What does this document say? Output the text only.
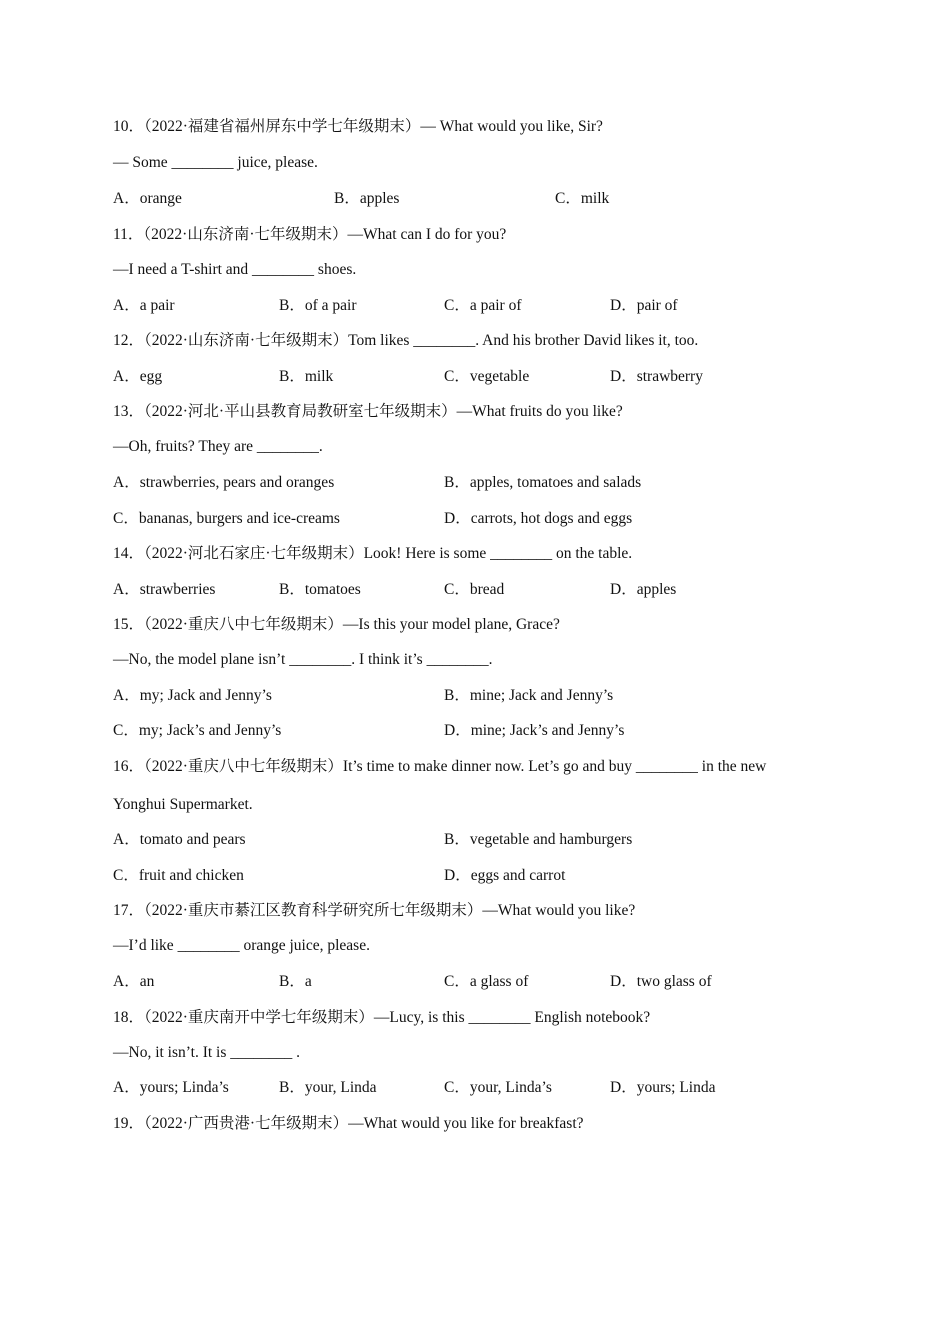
10．（2022·福建省福州屏东中学七年级期末）— What would you like, Sir?
— Some ________ juice, please.
A．orange	B．apples	C．milk
11．（2022·山东济南·七年级期末）—What can I do for you?
—I need a T-shirt and ________ shoes.
A．a pair	B．of a pair	C．a pair of	D．pair of
12．（2022·山东济南·七年级期末）Tom likes ________. And his brother David likes it, too.
A．egg	B．milk	C．vegetable	D．strawberry
13．（2022·河北·平山县教育局教研室七年级期末）—What fruits do you like?
—Oh, fruits? They are ________.
A．strawberries, pears and oranges	B．apples, tomatoes and salads
C．bananas, burgers and ice-creams	D．carrots, hot dogs and eggs
14．（2022·河北石家庄·七年级期末）Look! Here is some ________ on the table.
A．strawberries	B．tomatoes	C．bread	D．apples
15．（2022·重庆八中七年级期末）—Is this your model plane, Grace?
—No, the model plane isn’t ________. I think it’s ________.
A．my; Jack and Jenny’s	B．mine; Jack and Jenny’s
C．my; Jack’s and Jenny’s	D．mine; Jack’s and Jenny’s
16．（2022·重庆八中七年级期末）It’s time to make dinner now. Let’s go and buy ________ in the new
Yonghui Supermarket.
A．tomato and pears	B．vegetable and hamburgers
C．fruit and chicken	D．eggs and carrot
17．（2022·重庆市綦江区教育科学研究所七年级期末）—What would you like?
—I’d like ________ orange juice, please.
A．an	B．a	C．a glass of	D．two glass of
18．（2022·重庆南开中学七年级期末）—Lucy, is this ________ English notebook?
—No, it isn’t. It is ________ .
A．yours; Linda’s	B．your, Linda	C．your, Linda’s	D．yours; Linda
19．（2022·广西贵港·七年级期末）—What would you like for breakfast?
